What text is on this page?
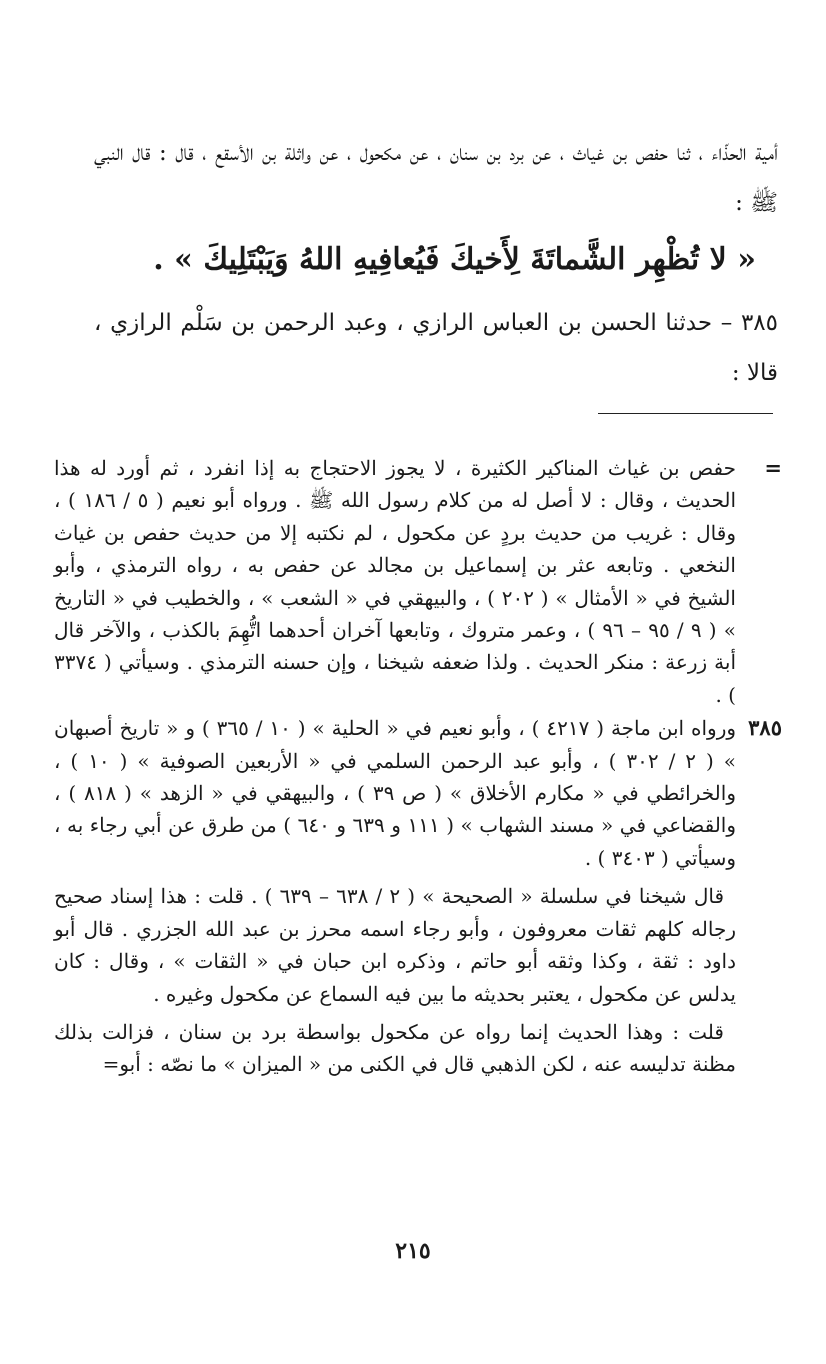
أمية الحذّاء ، ثنا حفص بن غياث ، عن برد بن سنان ، عن مكحول ، عن واثلة بن الأسقع ، قال : قال النبي ﷺ :

« لا تُظْهِر الشَّماتَةَ لِأَخيكَ فَيُعافِيهِ اللهُ وَيَبْتَلِيكَ » .

٣٨٥ – حدثنا الحسن بن العباس الرازي ، وعبد الرحمن بن سَلْم الرازي ، قالا :

=

حفص بن غياث المناكير الكثيرة ، لا يجوز الاحتجاج به إذا انفرد ، ثم أورد له هذا الحديث ، وقال : لا أصل له من كلام رسول الله ﷺ . ورواه أبو نعيم ( ٥ / ١٨٦ ) ، وقال : غريب من حديث بردٍ عن مكحول ، لم نكتبه إلا من حديث حفص بن غياث النخعي . وتابعه عثر بن إسماعيل بن مجالد عن حفص به ، رواه الترمذي ، وأبو الشيخ في « الأمثال » ( ٢٠٢ ) ، والبيهقي في « الشعب » ، والخطيب في « التاريخ » ( ٩ / ٩٥ – ٩٦ ) ، وعمر متروك ، وتابعها آخران أحدهما اتُّهِمَ بالكذب ، والآخر قال أبة زرعة : منكر الحديث . ولذا ضعفه شيخنا ، وإن حسنه الترمذي . وسيأتي ( ٣٣٧٤ ) .

٣٨٥

ورواه ابن ماجة ( ٤٢١٧ ) ، وأبو نعيم في « الحلية » ( ١٠ / ٣٦٥ ) و « تاريخ أصبهان » ( ٢ / ٣٠٢ ) ، وأبو عبد الرحمن السلمي في « الأربعين الصوفية » ( ١٠ ) ، والخرائطي في « مكارم الأخلاق » ( ص ٣٩ ) ، والبيهقي في « الزهد » ( ٨١٨ ) ، والقضاعي في « مسند الشهاب » ( ١١١ و ٦٣٩ و ٦٤٠ ) من طرق عن أبي رجاء به ، وسيأتي ( ٣٤٠٣ ) .

قال شيخنا في سلسلة « الصحيحة » ( ٢ / ٦٣٨ – ٦٣٩ ) . قلت : هذا إسناد صحيح رجاله كلهم ثقات معروفون ، وأبو رجاء اسمه محرز بن عبد الله الجزري . قال أبو داود : ثقة ، وكذا وثقه أبو حاتم ، وذكره ابن حبان في « الثقات » ، وقال : كان يدلس عن مكحول ، يعتبر بحديثه ما بين فيه السماع عن مكحول وغيره .

قلت : وهذا الحديث إنما رواه عن مكحول بواسطة برد بن سنان ، فزالت بذلك مظنة تدليسه عنه ، لكن الذهبي قال في الكنى من « الميزان » ما نصّه : أبو=

٢١٥
